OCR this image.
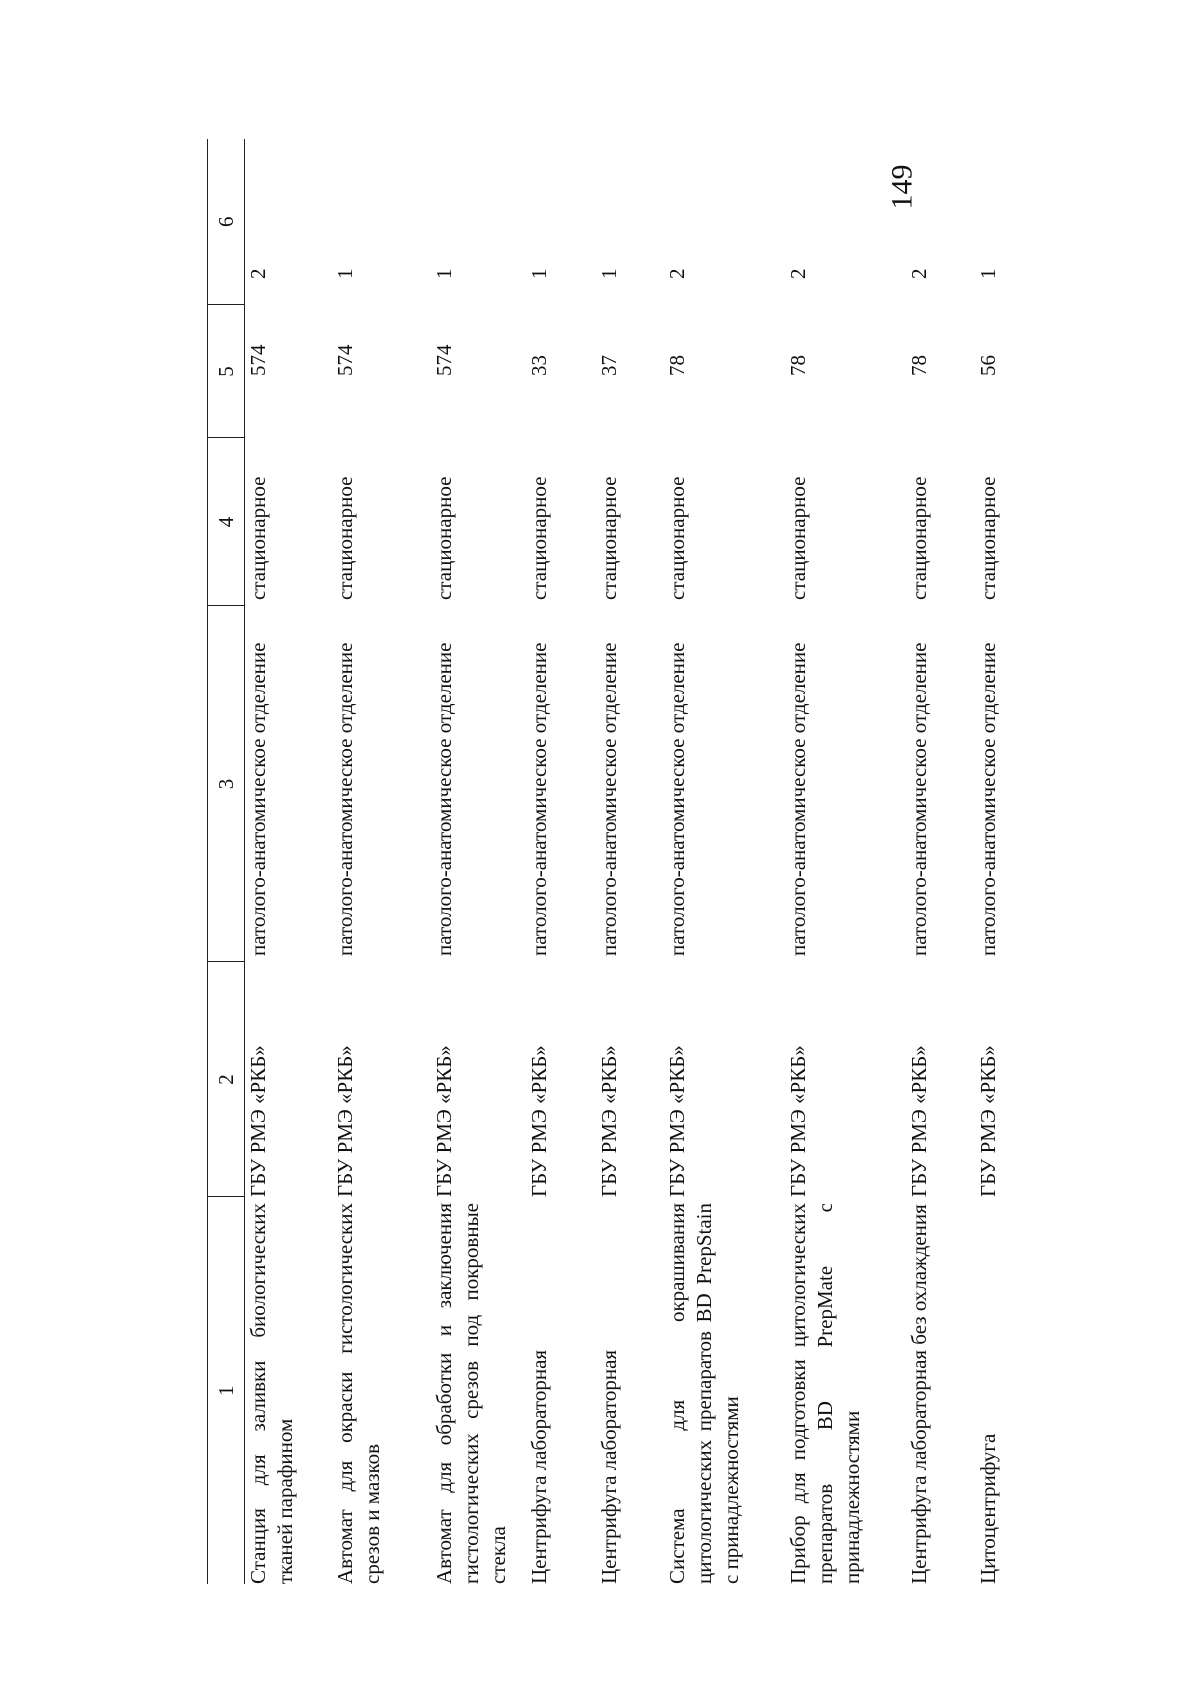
149
1	2	3	4	5	6
Станция для заливки биологических тканей парафином	ГБУ РМЭ «РКБ»	патолого-анатомическое отделение	стационарное	574	2
Автомат для окраски гистологических срезов и мазков	ГБУ РМЭ «РКБ»	патолого-анатомическое отделение	стационарное	574	1
Автомат для обработки и заключения гистологических срезов под покровные стекла	ГБУ РМЭ «РКБ»	патолого-анатомическое отделение	стационарное	574	1
Центрифуга лабораторная	ГБУ РМЭ «РКБ»	патолого-анатомическое отделение	стационарное	33	1
Центрифуга лабораторная	ГБУ РМЭ «РКБ»	патолого-анатомическое отделение	стационарное	37	1
Система для окрашивания цитологических препаратов BD PrepStain с принадлежностями	ГБУ РМЭ «РКБ»	патолого-анатомическое отделение	стационарное	78	2
Прибор для подготовки цитологических препаратов BD PrepMate с принадлежностями	ГБУ РМЭ «РКБ»	патолого-анатомическое отделение	стационарное	78	2
Центрифуга лабораторная без охлаждения	ГБУ РМЭ «РКБ»	патолого-анатомическое отделение	стационарное	78	2
Цитоцентрифуга	ГБУ РМЭ «РКБ»	патолого-анатомическое отделение	стационарное	56	1
